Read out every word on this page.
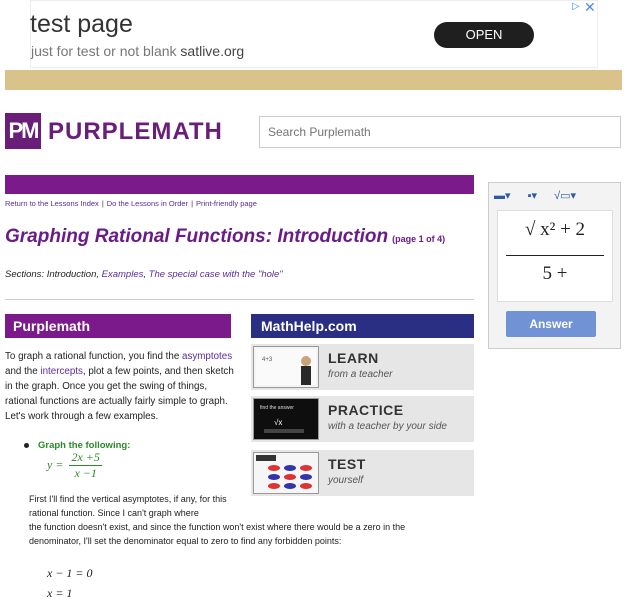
test page
just for test or not blank satlive.org
OPEN
▷ ✕
PM PURPLEMATH
Search Purplemath
Return to the Lessons Index | Do the Lessons in Order | Print-friendly page
Graphing Rational Functions: Introduction (page 1 of 4)
Sections: Introduction, Examples, The special case with the "hole"
Purplemath	MathHelp.com
To graph a rational function, you find the asymptotes and the intercepts, plot a few points, and then sketch in the graph. Once you get the swing of things, rational functions are actually fairly simple to graph. Let's work through a few examples.
Graph the following:
$y = \frac{2x +5}{x -1}$
First I'll find the vertical asymptotes, if any, for this rational function. Since I can't graph where
the function doesn't exist, and since the function won't exist where there would be a zero in the denominator, I'll set the denominator equal to zero to find any forbidden points:
x − 1 = 0
x = 1
4+3	LEARN
from a teacher
find the answer
√x
PRACTICE
with a teacher by your side
TEST
yourself
▬▾ ▪▾ √▭▾
√ x² + 2
5 +
Answer
